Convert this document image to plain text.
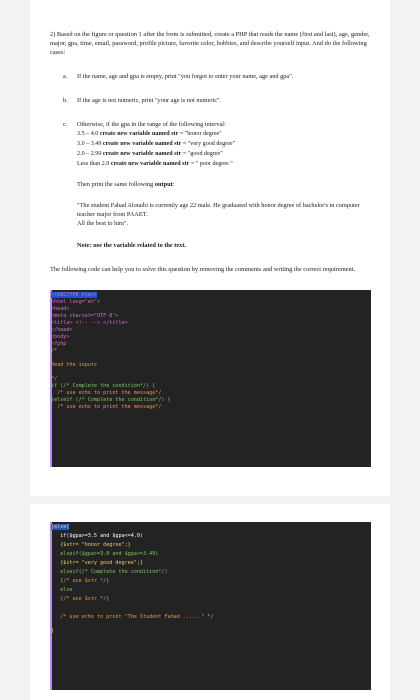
2) Based on the figure or question 1 after the form is submitted, create a PHP that reads the name (first and last), age, gender, major, gpa, time, email, password, profile picture, favorite color, hobbies, and describe yourself input. And do the following cases:
a. If the name, age and gpa is empty, print "you forgot to enter your name, age and gpa".
b. If the age is not numeric, print "your age is not numeric".
c. Otherwise, if the gpa in the range of the following interval:
3.5 – 4.0 create new variable named str = "honor degree"
3.0 – 3.49 create new variable named str = "very good degree"
2.0 – 2.99 create new variable named str = "good degree"
Less than 2.0 create new variable named str = " poor degree "
Then print the same following output:
"The student Fahad Alotaibi is currently age 22 male. He graduated with honor degree of bachelor's in computer teacher major from PAAET.
All the best to him".
Note: use the variable related to the text.
The following code can help you to solve this question by removing the comments and writing the correct requirement.
<!DOCTYPE html>
<html lang="en">
<head>
<meta charset="UTF-8">
<title> <!-- --> </title>
</head>
<body>
<?php
/*
Read the inputs
*/
if (/* Complete the condition*/) {
/* use echo to print the message*/
}elseif (/* Complete the condition*/) {
/* use echo to print the message*/
}else{
if($gpa>=3.5 and $gpa<=4.0)
{$str= "honor degree";}
elseif($gpa>=3.0 and $gpa<=3.49)
{$str= "very good degree";}
elseif(/* Complete the condition*/)
{/* use $str */}
else
{/* use $str */}
/* use echo to print "The Student Fahad ......" */
}
